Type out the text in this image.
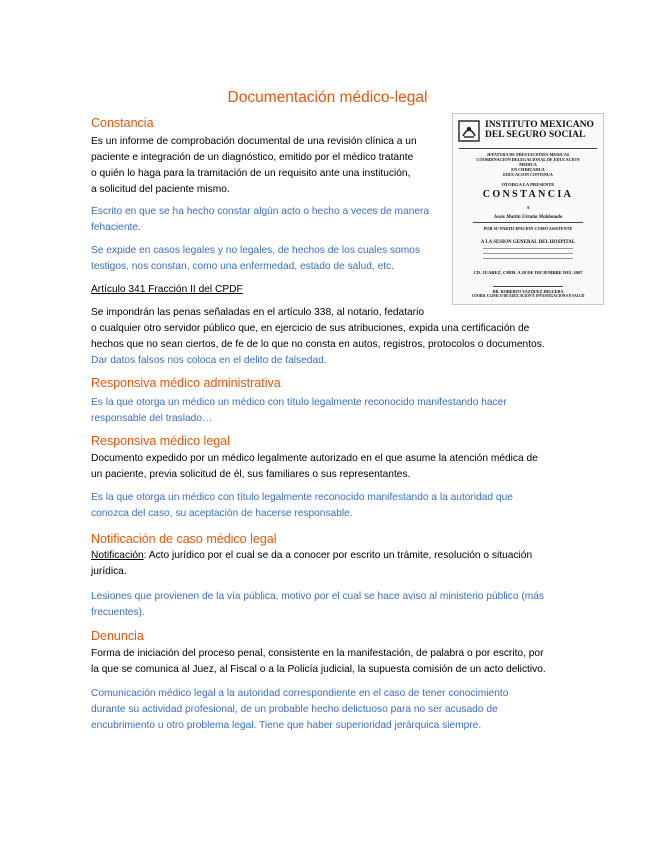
Documentación médico-legal
Constancia
Es un informe de comprobación documental de una revisión clínica a un
paciente e integración de un diagnóstico, emitido por el médico tratante
o quién lo haga para la tramitación de un requisito ante una institución,
a solicitud del paciente mismo.
Escrito en que se ha hecho constar algún acto o hecho a veces de manera
fehaciente.
Se expide en casos legales y no legales, de hechos de los cuales somos
testigos, nos constan, como una enfermedad, estado de salud, etc.
Artículo 341 Fracción II del CPDF
Se impondrán las penas señaladas en el artículo 338, al notario, fedatario
o cualquier otro servidor público que, en ejercicio de sus atribuciones, expida una certificación de
hechos que no sean ciertos, de fe de lo que no consta en autos, registros, protocolos o documentos.
Dar datos falsos nos coloca en el delito de falsedad.
Responsiva médico administrativa
Es la que otorga un médico un médico con título legalmente reconocido manifestando hacer
responsable del traslado…
Responsiva médico legal
Documento expedido por un médico legalmente autorizado en el que asume la atención médica de
un paciente, previa solicitud de él, sus familiares o sus representantes.
Es la que otorga un médico con título legalmente reconocido manifestando a la autoridad que
conozca del caso, su aceptación de hacerse responsable.
Notificación de caso médico legal
Notificación: Acto jurídico por el cual se da a conocer por escrito un trámite, resolución o situación
jurídica.
Lesiones que provienen de la vía pública, motivo por el cual se hace aviso al ministerio público (más
frecuentes).
Denuncia
Forma de iniciación del proceso penal, consistente en la manifestación, de palabra o por escrito, por
la que se comunica al Juez, al Fiscal o a la Policía judicial, la supuesta comisión de un acto delictivo.
Comunicación médico legal a la autoridad correspondiente en el caso de tener conocimiento
durante su actividad profesional, de un probable hecho delictuoso para no ser acusado de
encubrimiento u otro problema legal. Tiene que haber superioridad jerárquica siempre.
INSTITUTO MEXICANO
DEL SEGURO SOCIAL
JEFATURA DE PRESTACIONES MEDICAS
COORDINACION DELEGACIONAL DE EDUCACION
MEDICA
EN CHIHUAHUA
EDUCACION CONTINUA
OTORGA LA PRESENTE
CONSTANCIA
A
Jesús Martín Urrutia Maldonado
POR SU PARTICIPACION COMO ASISTENTE
A LA SESION GENERAL DEL HOSPITAL
CD. JUAREZ, CHIH. A 20 DE DICIEMBRE DEL 2007
DR. ROBERTO VAZQUEZ HIGUERA
COORD. CLINICO DE EDUCACION E INVESTIGACION EN SALUD
